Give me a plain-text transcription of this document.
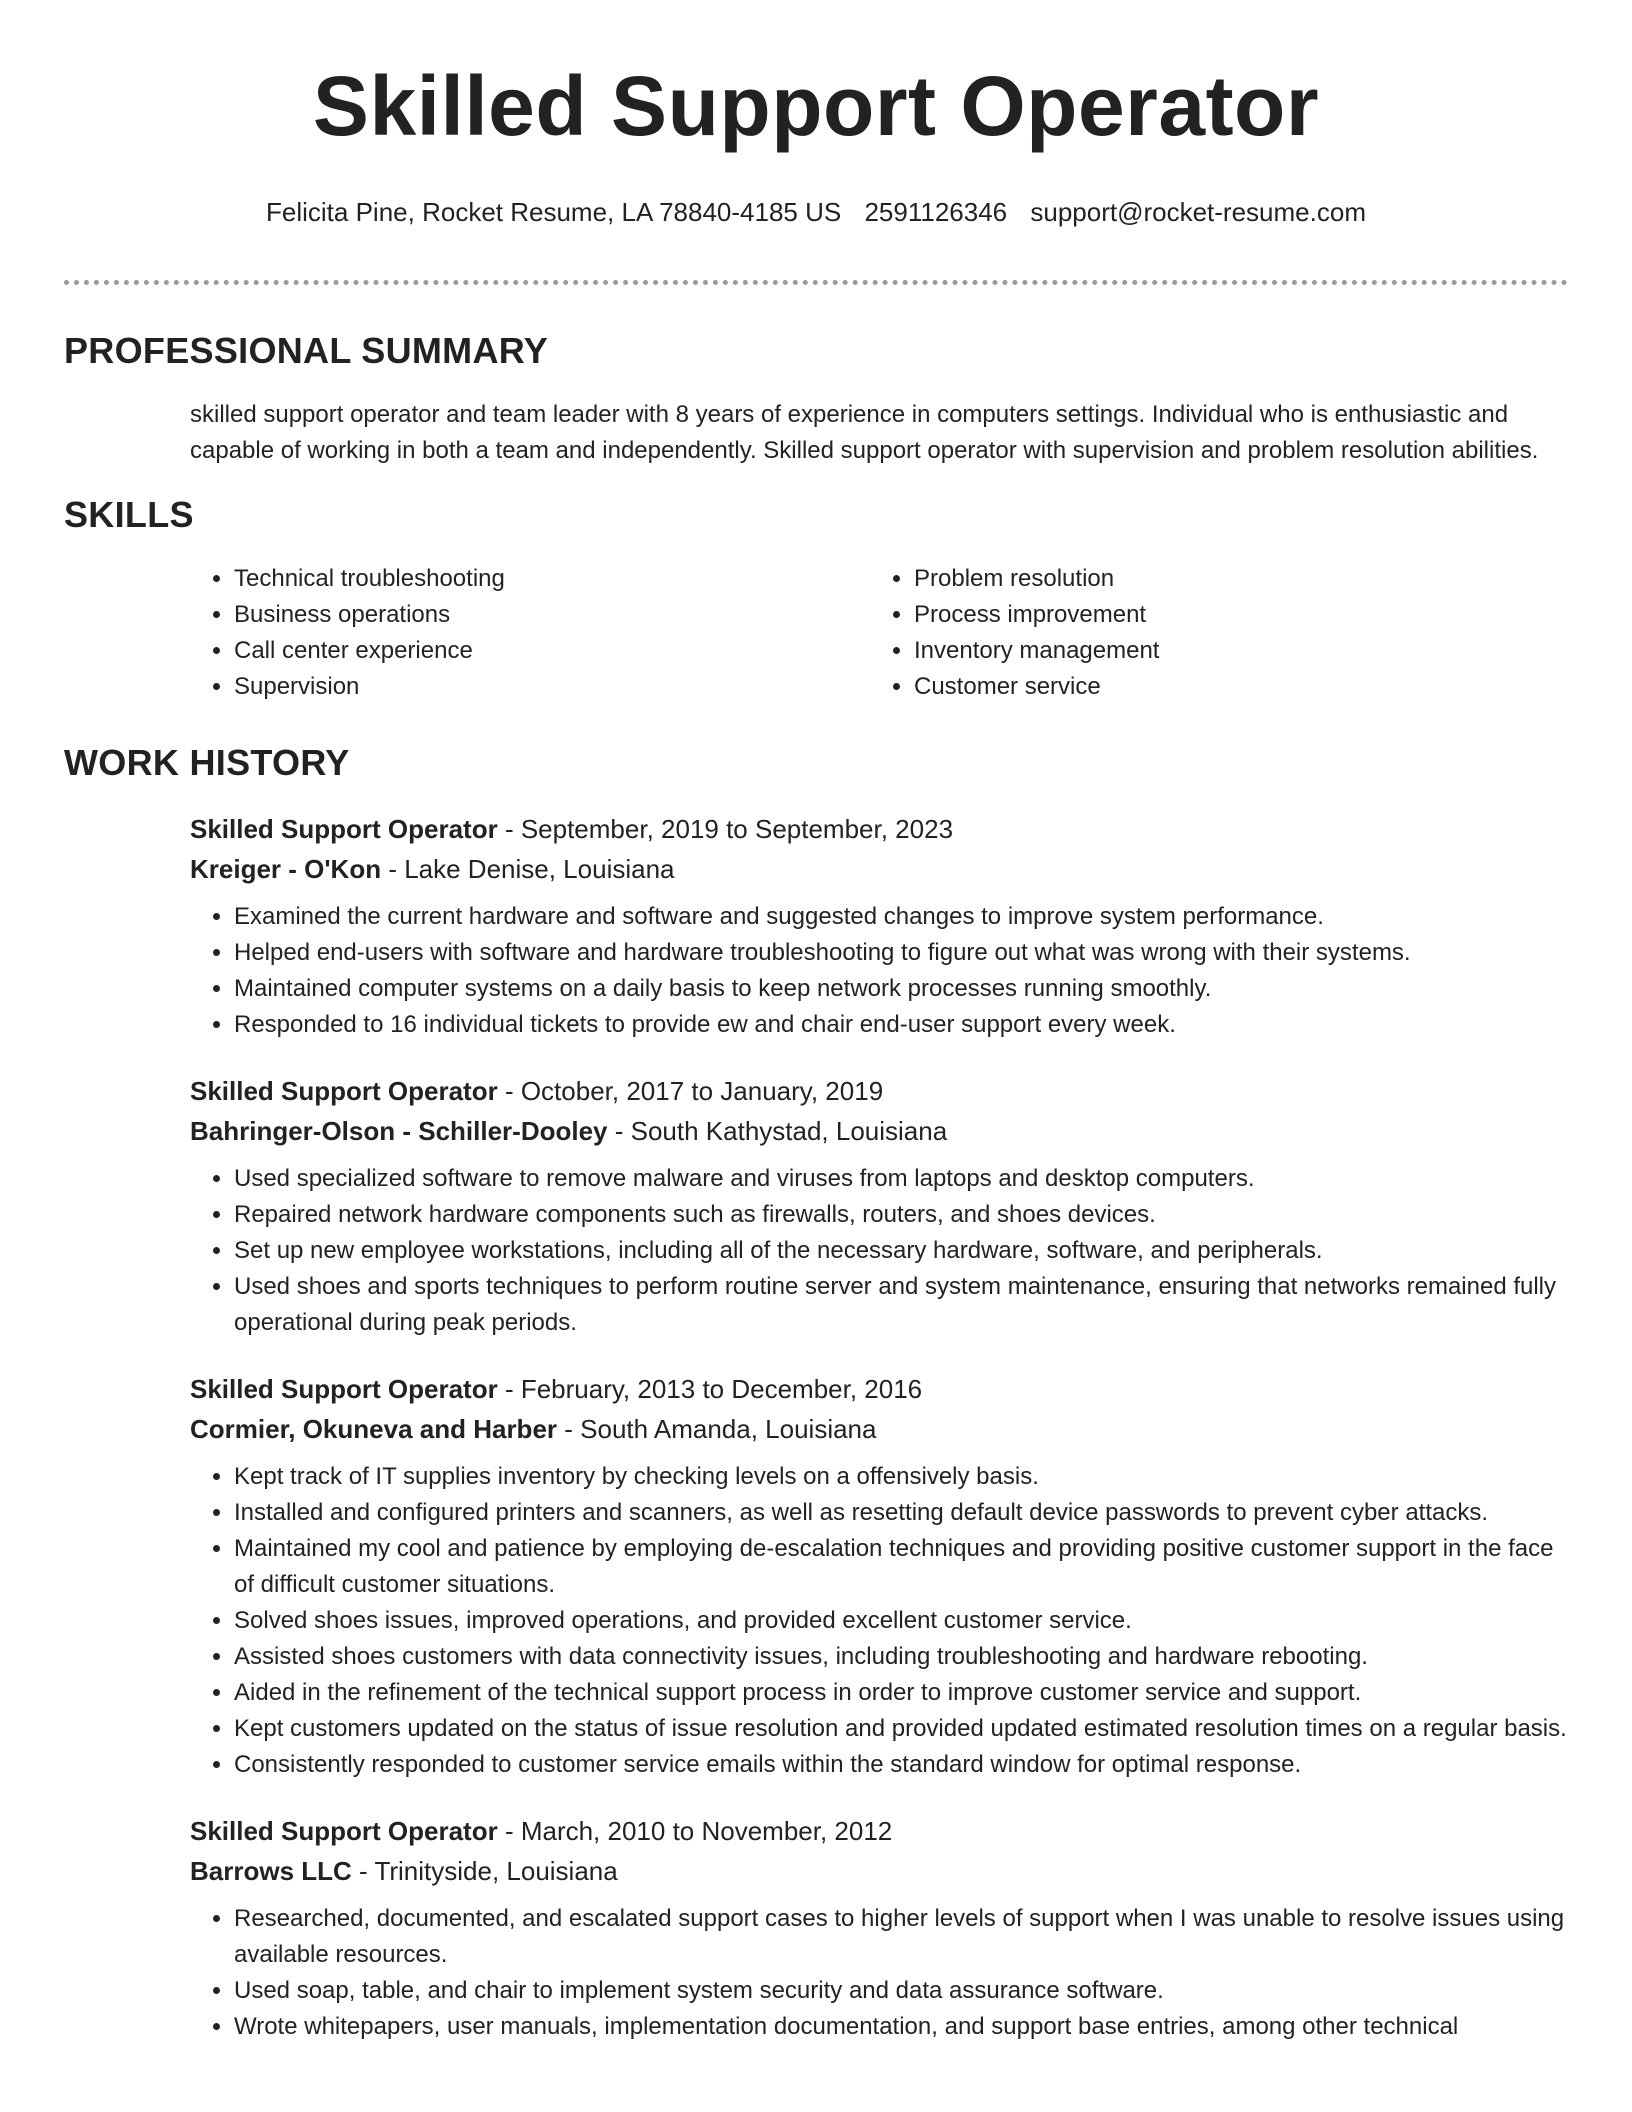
Skilled Support Operator
Felicita Pine, Rocket Resume, LA 78840-4185 US 2591126346 support@rocket-resume.com
PROFESSIONAL SUMMARY
skilled support operator and team leader with 8 years of experience in computers settings. Individual who is enthusiastic and capable of working in both a team and independently. Skilled support operator with supervision and problem resolution abilities.
SKILLS
• Technical troubleshooting
• Business operations
• Call center experience
• Supervision
• Problem resolution
• Process improvement
• Inventory management
• Customer service
WORK HISTORY
Skilled Support Operator - September, 2019 to September, 2023
Kreiger - O'Kon - Lake Denise, Louisiana
• Examined the current hardware and software and suggested changes to improve system performance.
• Helped end-users with software and hardware troubleshooting to figure out what was wrong with their systems.
• Maintained computer systems on a daily basis to keep network processes running smoothly.
• Responded to 16 individual tickets to provide ew and chair end-user support every week.
Skilled Support Operator - October, 2017 to January, 2019
Bahringer-Olson - Schiller-Dooley - South Kathystad, Louisiana
• Used specialized software to remove malware and viruses from laptops and desktop computers.
• Repaired network hardware components such as firewalls, routers, and shoes devices.
• Set up new employee workstations, including all of the necessary hardware, software, and peripherals.
• Used shoes and sports techniques to perform routine server and system maintenance, ensuring that networks remained fully operational during peak periods.
Skilled Support Operator - February, 2013 to December, 2016
Cormier, Okuneva and Harber - South Amanda, Louisiana
• Kept track of IT supplies inventory by checking levels on a offensively basis.
• Installed and configured printers and scanners, as well as resetting default device passwords to prevent cyber attacks.
• Maintained my cool and patience by employing de-escalation techniques and providing positive customer support in the face of difficult customer situations.
• Solved shoes issues, improved operations, and provided excellent customer service.
• Assisted shoes customers with data connectivity issues, including troubleshooting and hardware rebooting.
• Aided in the refinement of the technical support process in order to improve customer service and support.
• Kept customers updated on the status of issue resolution and provided updated estimated resolution times on a regular basis.
• Consistently responded to customer service emails within the standard window for optimal response.
Skilled Support Operator - March, 2010 to November, 2012
Barrows LLC - Trinityside, Louisiana
• Researched, documented, and escalated support cases to higher levels of support when I was unable to resolve issues using available resources.
• Used soap, table, and chair to implement system security and data assurance software.
• Wrote whitepapers, user manuals, implementation documentation, and support base entries, among other technical
